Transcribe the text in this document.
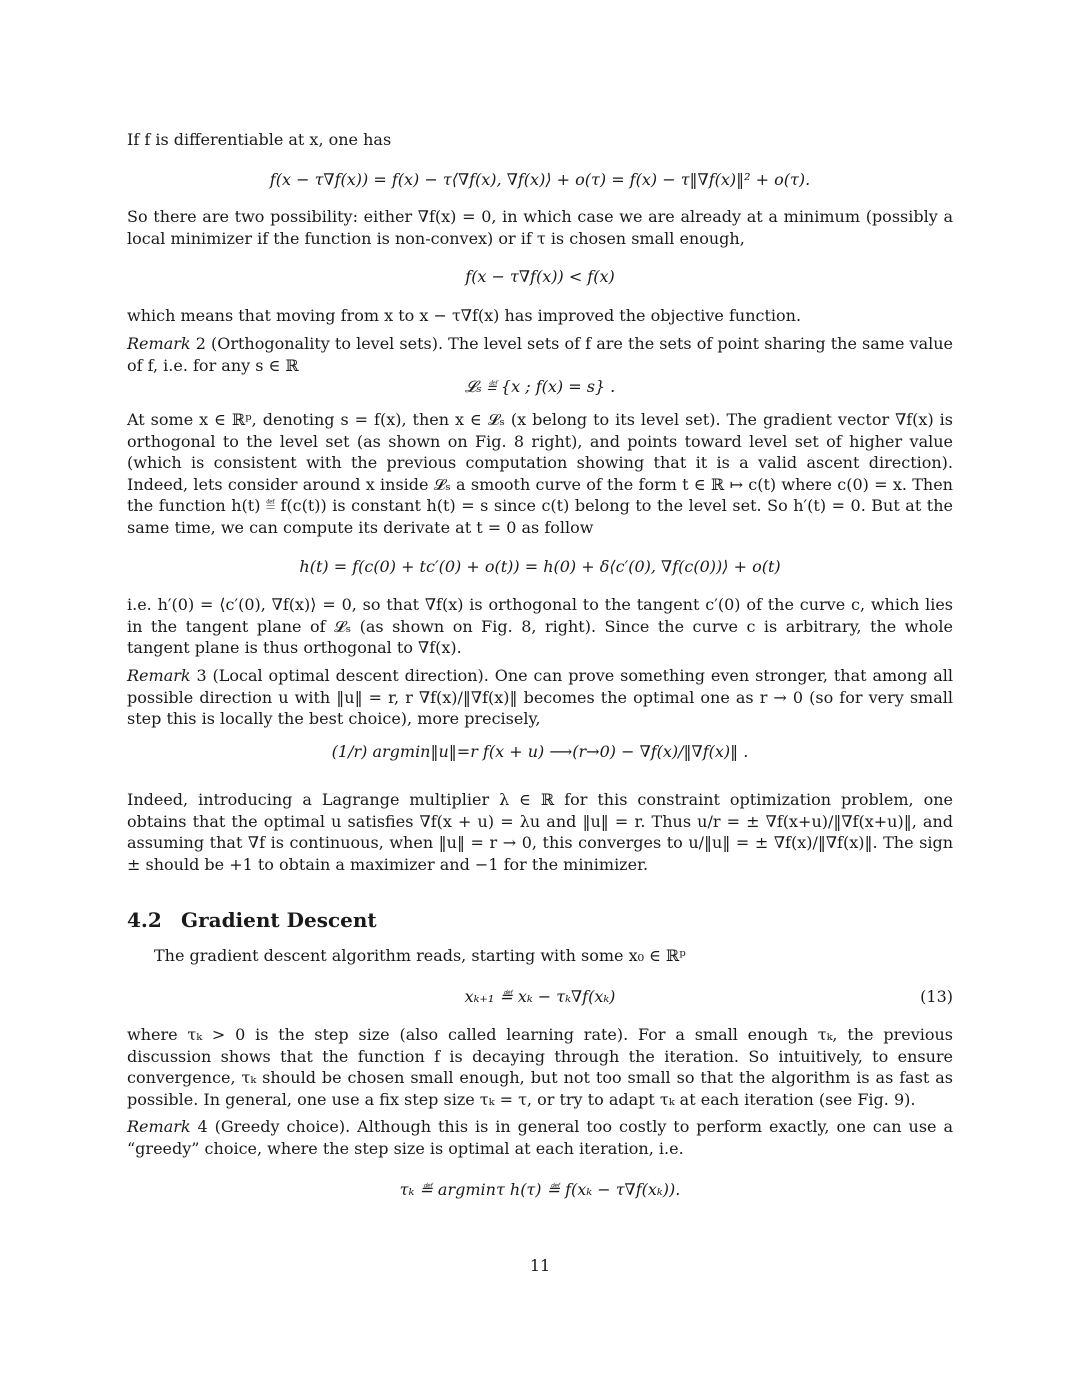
If f is differentiable at x, one has

f(x − τ∇f(x)) = f(x) − τ⟨∇f(x), ∇f(x)⟩ + o(τ) = f(x) − τ‖∇f(x)‖² + o(τ).

So there are two possibility: either ∇f(x) = 0, in which case we are already at a minimum (possibly a local minimizer if the function is non-convex) or if τ is chosen small enough,

f(x − τ∇f(x)) < f(x)

which means that moving from x to x − τ∇f(x) has improved the objective function.

Remark 2 (Orthogonality to level sets). The level sets of f are the sets of point sharing the same value of f, i.e. for any s ∈ ℝ

𝓛ₛ ≝ {x ; f(x) = s} .

At some x ∈ ℝᵖ, denoting s = f(x), then x ∈ 𝓛ₛ (x belong to its level set). The gradient vector ∇f(x) is orthogonal to the level set (as shown on Fig. 8 right), and points toward level set of higher value (which is consistent with the previous computation showing that it is a valid ascent direction). Indeed, lets consider around x inside 𝓛ₛ a smooth curve of the form t ∈ ℝ ↦ c(t) where c(0) = x. Then the function h(t) ≝ f(c(t)) is constant h(t) = s since c(t) belong to the level set. So h′(t) = 0. But at the same time, we can compute its derivate at t = 0 as follow

h(t) = f(c(0) + tc′(0) + o(t)) = h(0) + δ⟨c′(0), ∇f(c(0))⟩ + o(t)

i.e. h′(0) = ⟨c′(0), ∇f(x)⟩ = 0, so that ∇f(x) is orthogonal to the tangent c′(0) of the curve c, which lies in the tangent plane of 𝓛ₛ (as shown on Fig. 8, right). Since the curve c is arbitrary, the whole tangent plane is thus orthogonal to ∇f(x).

Remark 3 (Local optimal descent direction). One can prove something even stronger, that among all possible direction u with ‖u‖ = r, r ∇f(x)/‖∇f(x)‖ becomes the optimal one as r → 0 (so for very small step this is locally the best choice), more precisely,

(1/r) argmin‖u‖=r f(x + u) ⟶(r→0) − ∇f(x)/‖∇f(x)‖ .

Indeed, introducing a Lagrange multiplier λ ∈ ℝ for this constraint optimization problem, one obtains that the optimal u satisfies ∇f(x + u) = λu and ‖u‖ = r. Thus u/r = ± ∇f(x+u)/‖∇f(x+u)‖, and assuming that ∇f is continuous, when ‖u‖ = r → 0, this converges to u/‖u‖ = ± ∇f(x)/‖∇f(x)‖. The sign ± should be +1 to obtain a maximizer and −1 for the minimizer.

4.2 Gradient Descent

The gradient descent algorithm reads, starting with some x₀ ∈ ℝᵖ

xₖ₊₁ ≝ xₖ − τₖ∇f(xₖ)	(13)

where τₖ > 0 is the step size (also called learning rate). For a small enough τₖ, the previous discussion shows that the function f is decaying through the iteration. So intuitively, to ensure convergence, τₖ should be chosen small enough, but not too small so that the algorithm is as fast as possible. In general, one use a fix step size τₖ = τ, or try to adapt τₖ at each iteration (see Fig. 9).

Remark 4 (Greedy choice). Although this is in general too costly to perform exactly, one can use a “greedy” choice, where the step size is optimal at each iteration, i.e.

τₖ ≝ argminτ h(τ) ≝ f(xₖ − τ∇f(xₖ)).
11
